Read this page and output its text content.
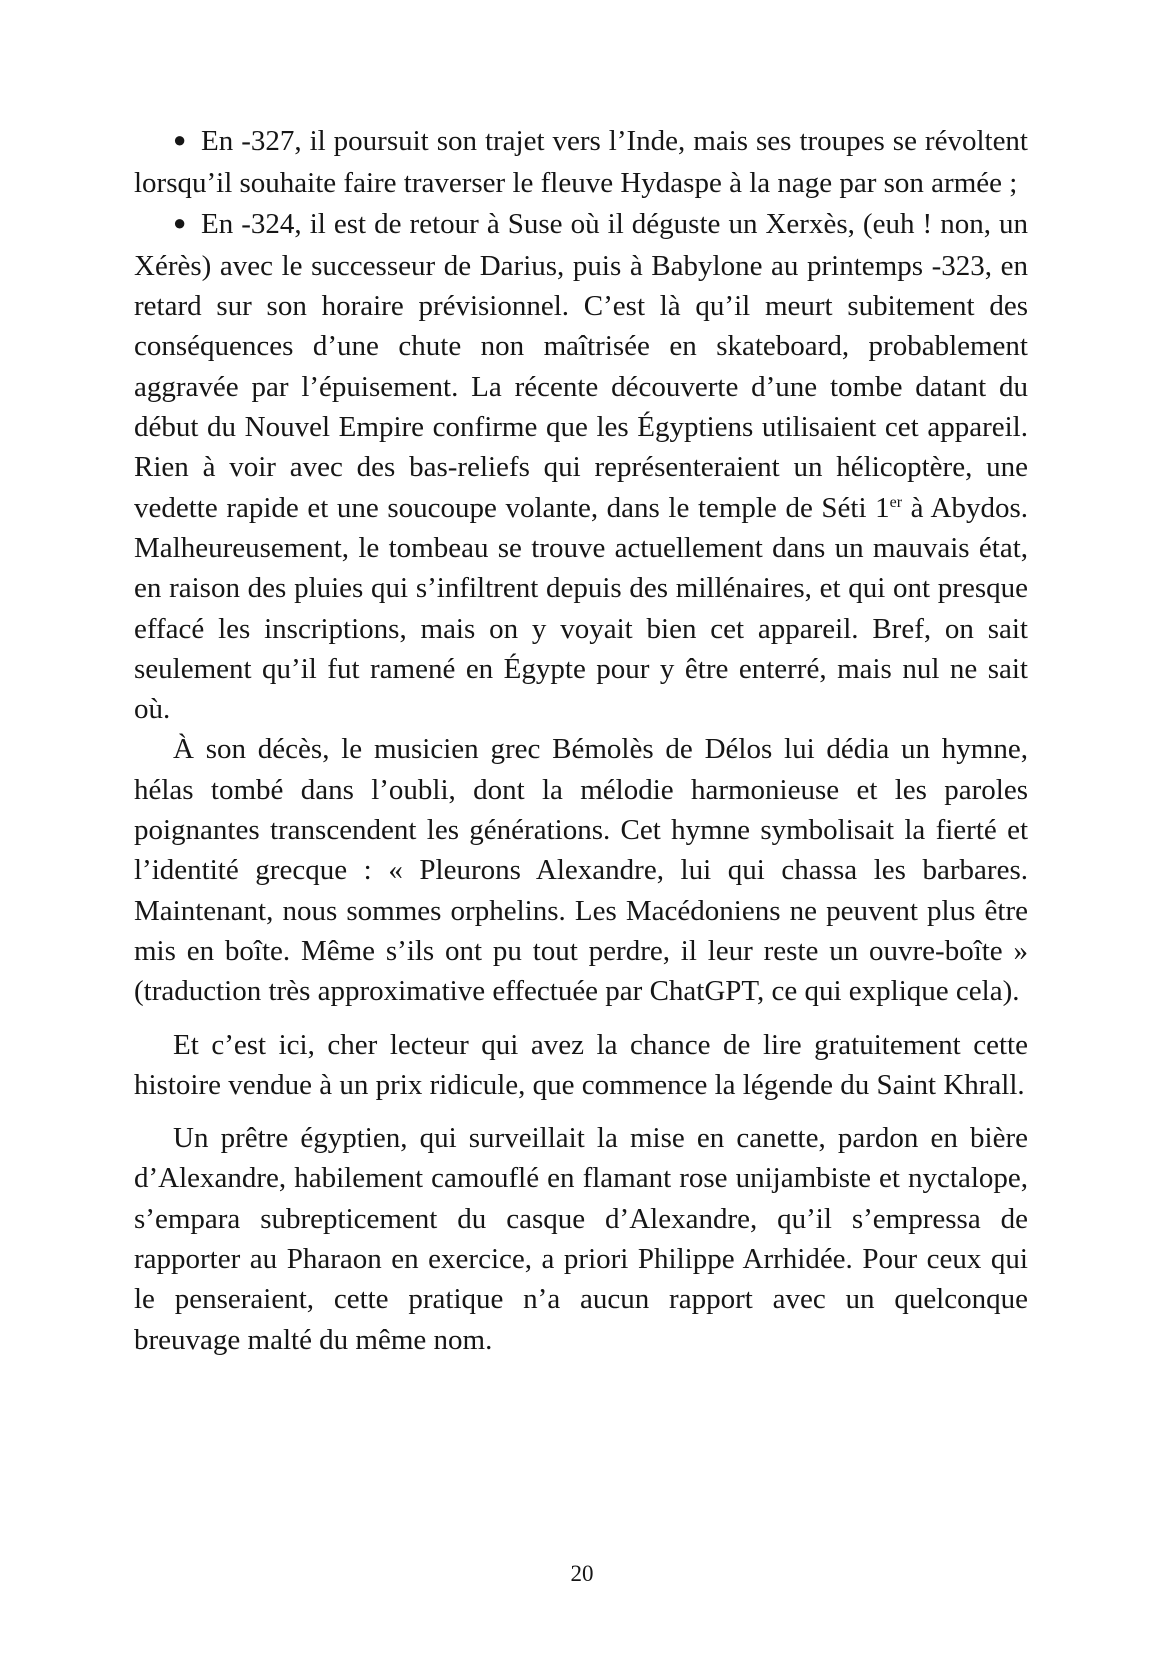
● En -327, il poursuit son trajet vers l’Inde, mais ses troupes se révoltent lorsqu’il souhaite faire traverser le fleuve Hydaspe à la nage par son armée ;

● En -324, il est de retour à Suse où il déguste un Xerxès, (euh ! non, un Xérès) avec le successeur de Darius, puis à Babylone au printemps -323, en retard sur son horaire prévisionnel. C’est là qu’il meurt subitement des conséquences d’une chute non maîtrisée en skateboard, probablement aggravée par l’épuisement. La récente découverte d’une tombe datant du début du Nouvel Empire confirme que les Égyptiens utilisaient cet appareil. Rien à voir avec des bas-reliefs qui représenteraient un hélicoptère, une vedette rapide et une soucoupe volante, dans le temple de Séti 1er à Abydos. Malheureusement, le tombeau se trouve actuellement dans un mauvais état, en raison des pluies qui s’infiltrent depuis des millénaires, et qui ont presque effacé les inscriptions, mais on y voyait bien cet appareil. Bref, on sait seulement qu’il fut ramené en Égypte pour y être enterré, mais nul ne sait où.

À son décès, le musicien grec Bémolès de Délos lui dédia un hymne, hélas tombé dans l’oubli, dont la mélodie harmonieuse et les paroles poignantes transcendent les générations. Cet hymne symbolisait la fierté et l’identité grecque : « Pleurons Alexandre, lui qui chassa les barbares. Maintenant, nous sommes orphelins. Les Macédoniens ne peuvent plus être mis en boîte. Même s’ils ont pu tout perdre, il leur reste un ouvre-boîte » (traduction très approximative effectuée par ChatGPT, ce qui explique cela).

Et c’est ici, cher lecteur qui avez la chance de lire gratuitement cette histoire vendue à un prix ridicule, que commence la légende du Saint Khrall.

Un prêtre égyptien, qui surveillait la mise en canette, pardon en bière d’Alexandre, habilement camouflé en flamant rose unijambiste et nyctalope, s’empara subrepticement du casque d’Alexandre, qu’il s’empressa de rapporter au Pharaon en exercice, a priori Philippe Arrhidée. Pour ceux qui le penseraient, cette pratique n’a aucun rapport avec un quelconque breuvage malté du même nom.

20
